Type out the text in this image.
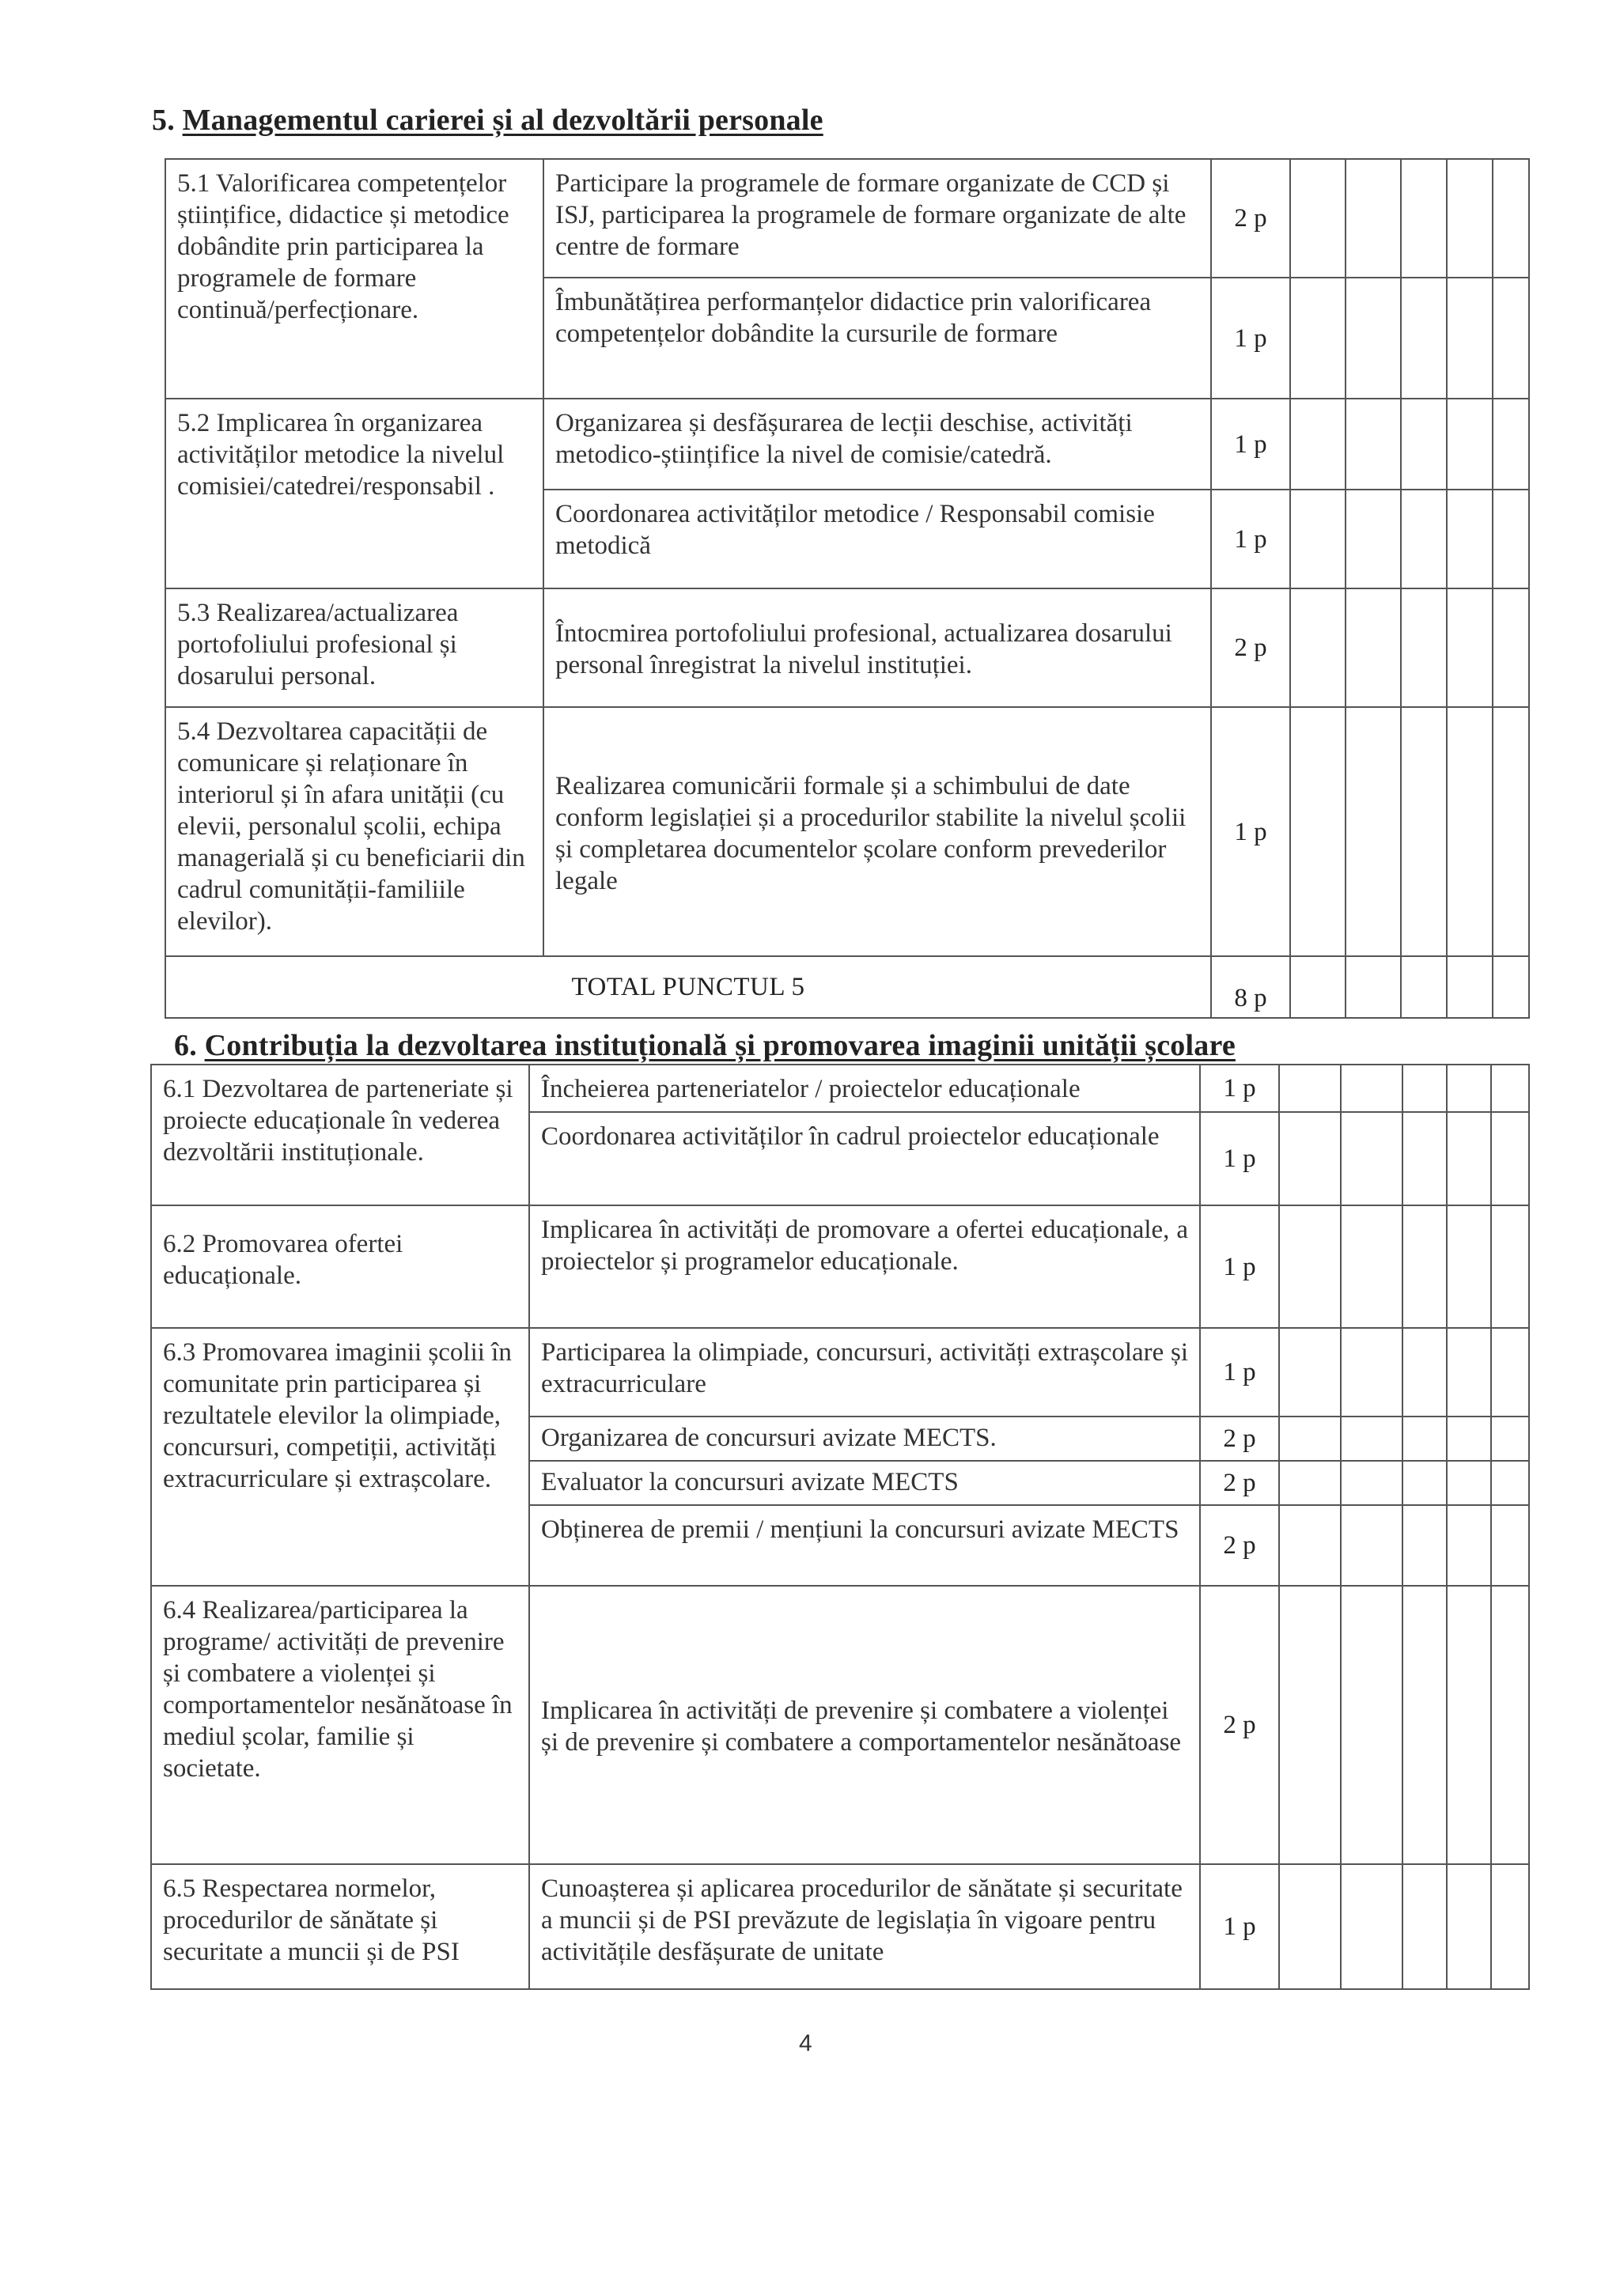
5. Managementul carierei și al dezvoltării personale
5.1 Valorificarea competențelor științifice, didactice și metodice dobândite prin participarea la programele de formare continuă/perfecționare.	Participare la programele de formare organizate de CCD și ISJ, participarea la programele de formare organizate de alte centre de formare	2 p					
	Îmbunătățirea performanțelor didactice prin valorificarea competențelor dobândite la cursurile de formare	1 p					
5.2 Implicarea în organizarea activităților metodice la nivelul comisiei/catedrei/responsabil .	Organizarea și desfășurarea de lecții deschise, activități metodico-științifice la nivel de comisie/catedră.	1 p					
	Coordonarea activităților metodice / Responsabil comisie metodică	1 p					
5.3 Realizarea/actualizarea portofoliului profesional și dosarului personal.	Întocmirea portofoliului profesional, actualizarea dosarului personal înregistrat la nivelul instituției.	2 p					
5.4 Dezvoltarea capacității de comunicare și relaționare în interiorul și în afara unității (cu elevii, personalul școlii, echipa managerială și cu beneficiarii din cadrul comunității-familiile elevilor).	Realizarea comunicării formale și a schimbului de date conform legislației și a procedurilor stabilite la nivelul școlii și completarea documentelor școlare conform prevederilor legale	1 p					
TOTAL PUNCTUL 5		8 p					
6. Contribuția la dezvoltarea instituțională și promovarea imaginii unității școlare
6.1 Dezvoltarea de parteneriate și proiecte educaționale în vederea dezvoltării instituționale.	Încheierea parteneriatelor / proiectelor educaționale	1 p					
	Coordonarea activităților în cadrul proiectelor educaționale	1 p					
6.2 Promovarea ofertei educaționale.	Implicarea în activități de promovare a ofertei educaționale, a proiectelor și programelor educaționale.	1 p					
6.3 Promovarea imaginii școlii în comunitate prin participarea și rezultatele elevilor la olimpiade, concursuri, competiții, activități extracurriculare și extrașcolare.	Participarea la olimpiade, concursuri, activități extrașcolare și extracurriculare	1 p					
	Organizarea de concursuri avizate MECTS.	2 p					
	Evaluator la concursuri avizate MECTS	2 p					
	Obținerea de premii / mențiuni la concursuri avizate MECTS	2 p					
6.4 Realizarea/participarea la programe/ activități de prevenire și combatere a violenței și comportamentelor nesănătoase în mediul școlar, familie și societate.	Implicarea în activități de prevenire și combatere a violenței și de prevenire și combatere a comportamentelor nesănătoase	2 p					
6.5 Respectarea normelor, procedurilor de sănătate și securitate a muncii și de PSI	Cunoașterea și aplicarea procedurilor de sănătate și securitate a muncii și de PSI prevăzute de legislația în vigoare pentru activitățile desfășurate de unitate	1 p					
4
